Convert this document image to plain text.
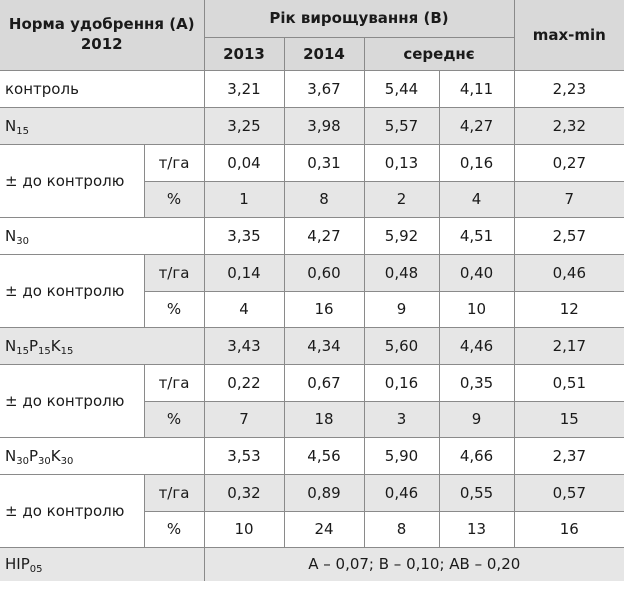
Норма удобрення (A)
2012		Рік вирощування (B)				max-min
		2013	2014	середнє		
контроль		3,21	3,67	5,44	4,11	2,23
$N_{15}$		3,25	3,98	5,57	4,27	2,32
± до контролю	т/га	0,04	0,31	0,13	0,16	0,27
	%	1	8	2	4	7
$N_{30}$		3,35	4,27	5,92	4,51	2,57
± до контролю	т/га	0,14	0,60	0,48	0,40	0,46
	%	4	16	9	10	12
$N_{15}P_{15}K_{15}$		3,43	4,34	5,60	4,46	2,17
± до контролю	т/га	0,22	0,67	0,16	0,35	0,51
	%	7	18	3	9	15
$N_{30}P_{30}K_{30}$		3,53	4,56	5,90	4,66	2,37
± до контролю	т/га	0,32	0,89	0,46	0,55	0,57
	%	10	24	8	13	16
$HIP_{05}$		A – 0,07; B – 0,10; AB – 0,20				
